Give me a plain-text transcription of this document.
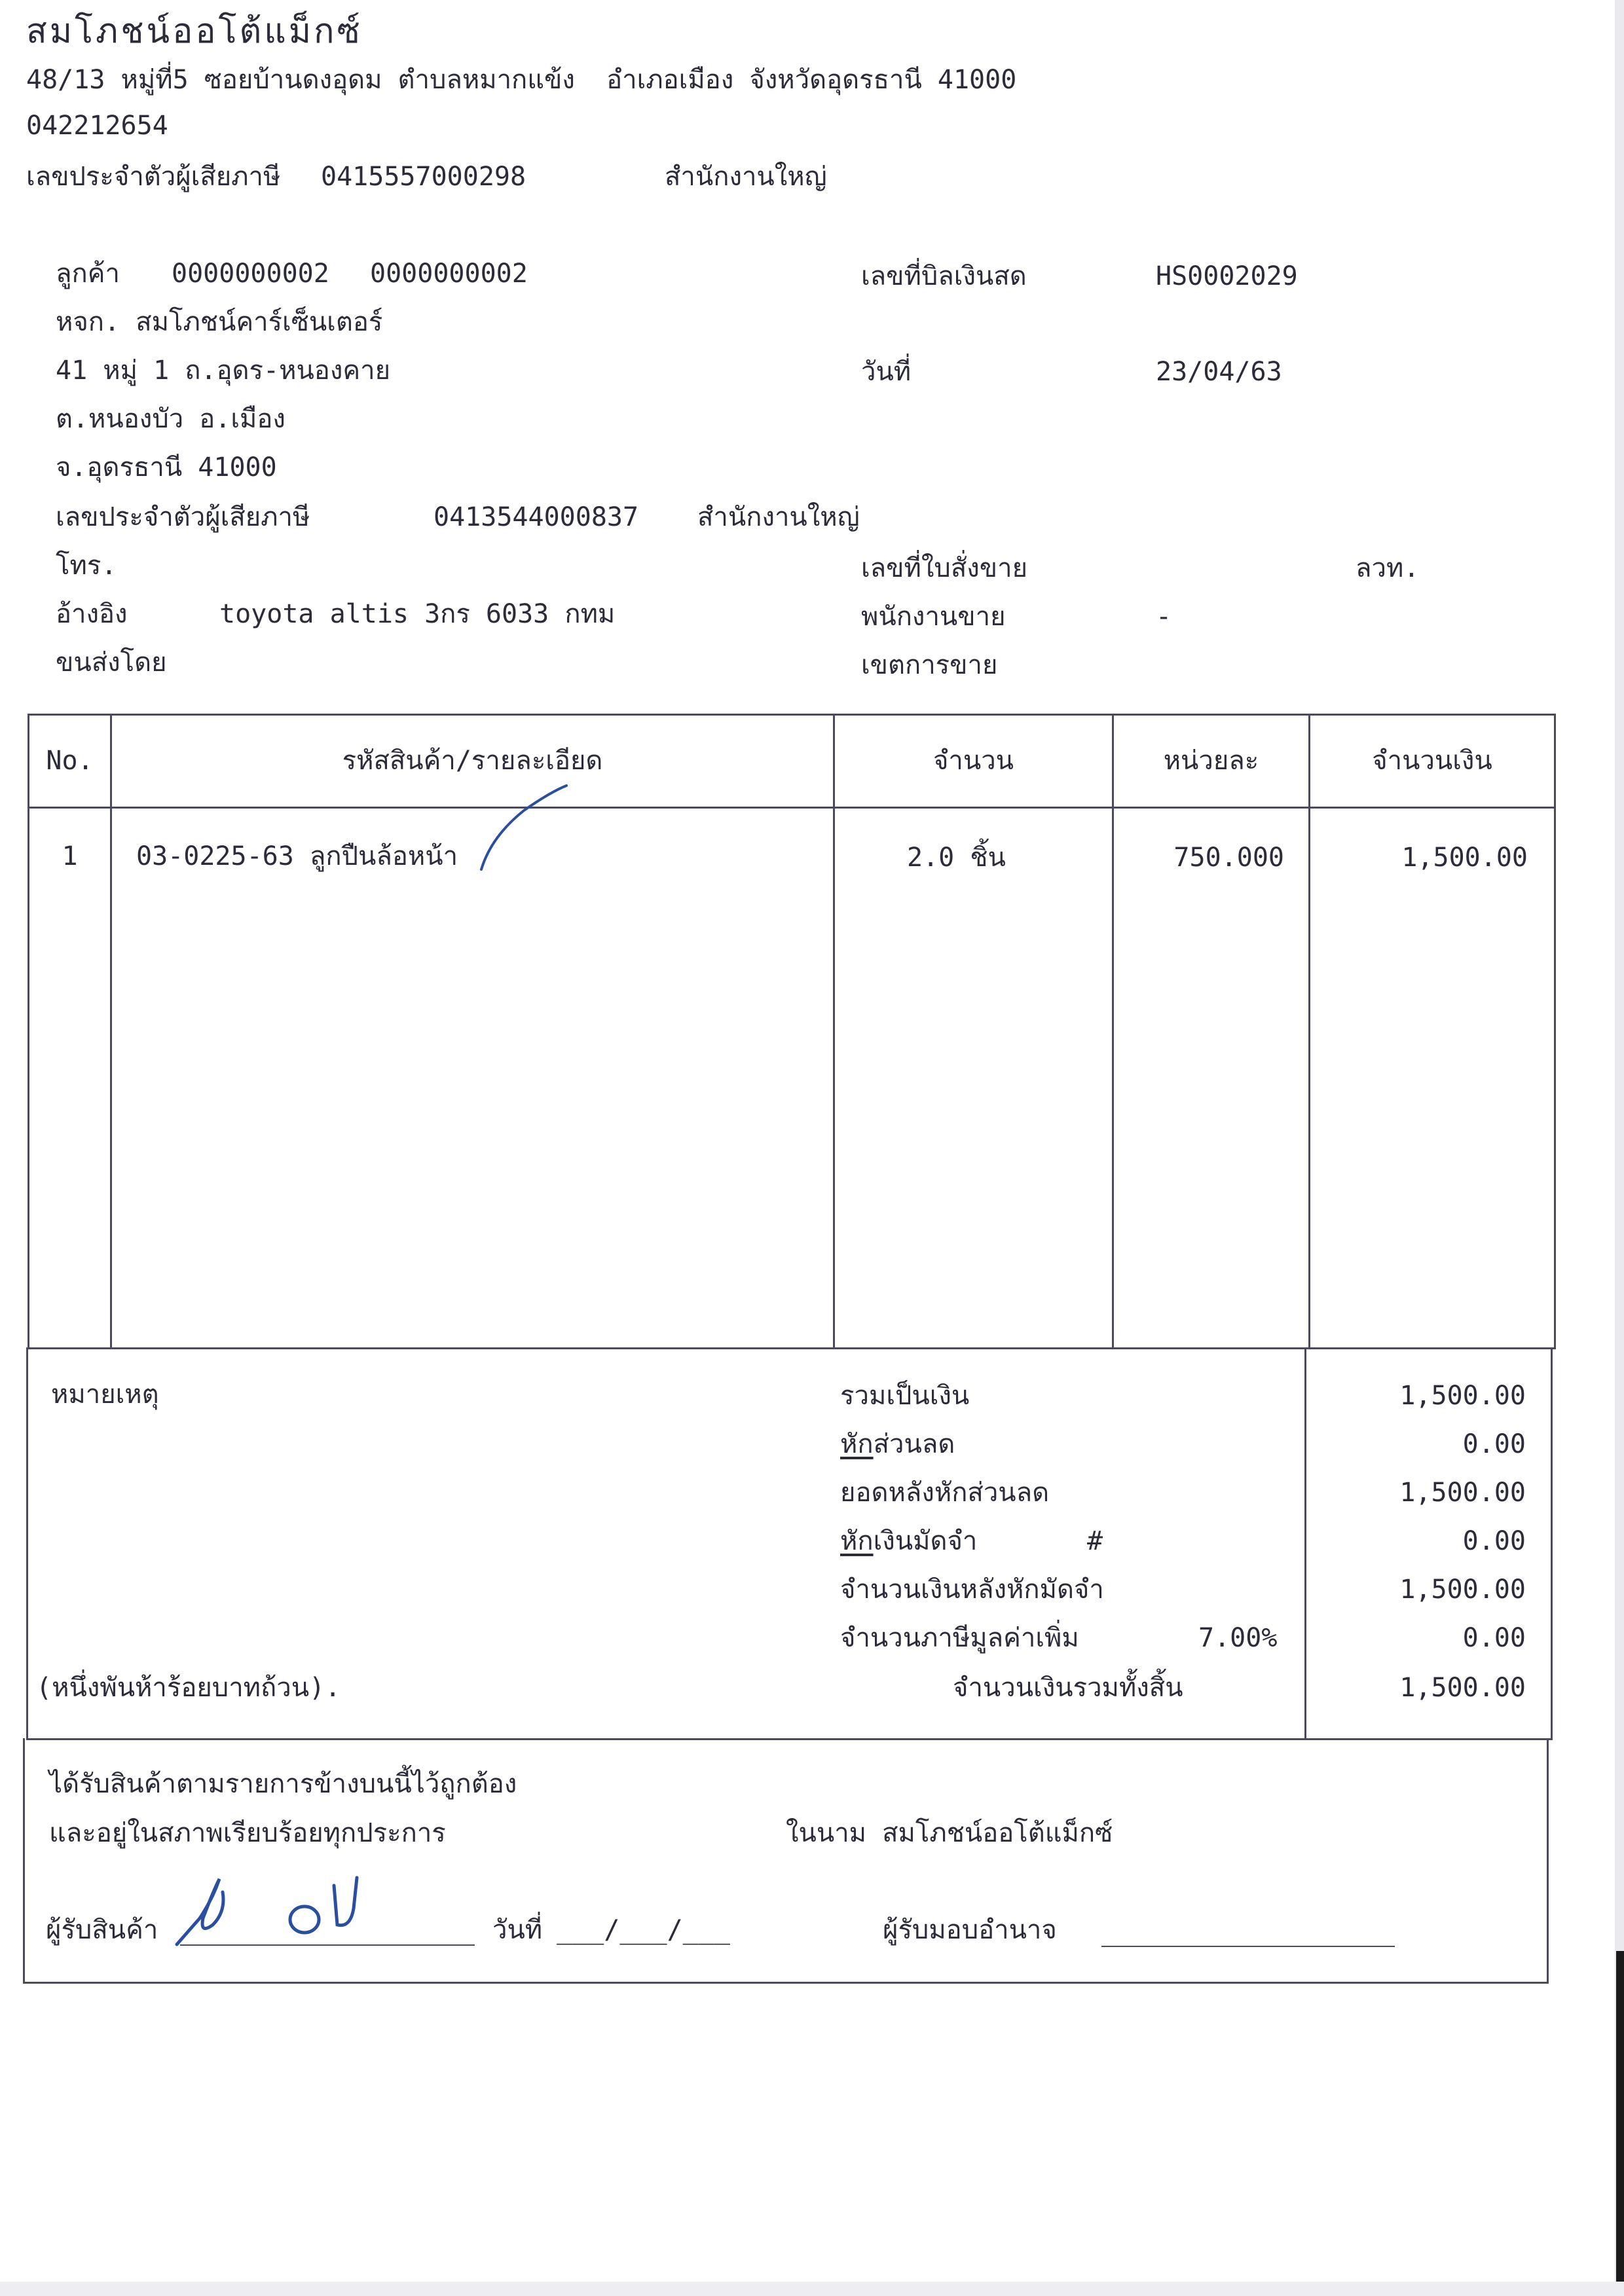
สมโภชน์ออโต้แม็กซ์
48/13 หมู่ที่5 ซอยบ้านดงอุดม ตำบลหมากแข้ง  อำเภอเมือง จังหวัดอุดรธานี 41000
042212654
เลขประจำตัวผู้เสียภาษี 0415557000298	สำนักงานใหญ่
ลูกค้า 0000000002 0000000002
หจก. สมโภชน์คาร์เซ็นเตอร์
41 หมู่ 1 ถ.อุดร-หนองคาย
ต.หนองบัว อ.เมือง
จ.อุดรธานี 41000
เลขประจำตัวผู้เสียภาษี	0413544000837 สำนักงานใหญ่
โทร.
อ้างอิง	toyota altis 3กร 6033 กทม
ขนส่งโดย
เลขที่บิลเงินสด	HS0002029
วันที่	23/04/63
เลขที่ใบสั่งขาย	ลวท.
พนักงานขาย	-
เขตการขาย
No.	รหัสสินค้า/รายละเอียด	จำนวน	หน่วยละ	จำนวนเงิน
1	03-0225-63 ลูกปืนล้อหน้า	2.0 ชิ้น	750.000	1,500.00
หมายเหตุ
(หนึ่งพันห้าร้อยบาทถ้วน).
รวมเป็นเงิน	1,500.00
หักส่วนลด	0.00
ยอดหลังหักส่วนลด	1,500.00
หักเงินมัดจำ	#	0.00
จำนวนเงินหลังหักมัดจำ	1,500.00
จำนวนภาษีมูลค่าเพิ่ม	7.00%	0.00
จำนวนเงินรวมทั้งสิ้น	1,500.00
ได้รับสินค้าตามรายการข้างบนนี้ไว้ถูกต้อง
และอยู่ในสภาพเรียบร้อยทุกประการ	ในนาม สมโภชน์ออโต้แม็กซ์
ผู้รับสินค้า	วันที่ ___/___/___	ผู้รับมอบอำนาจ
